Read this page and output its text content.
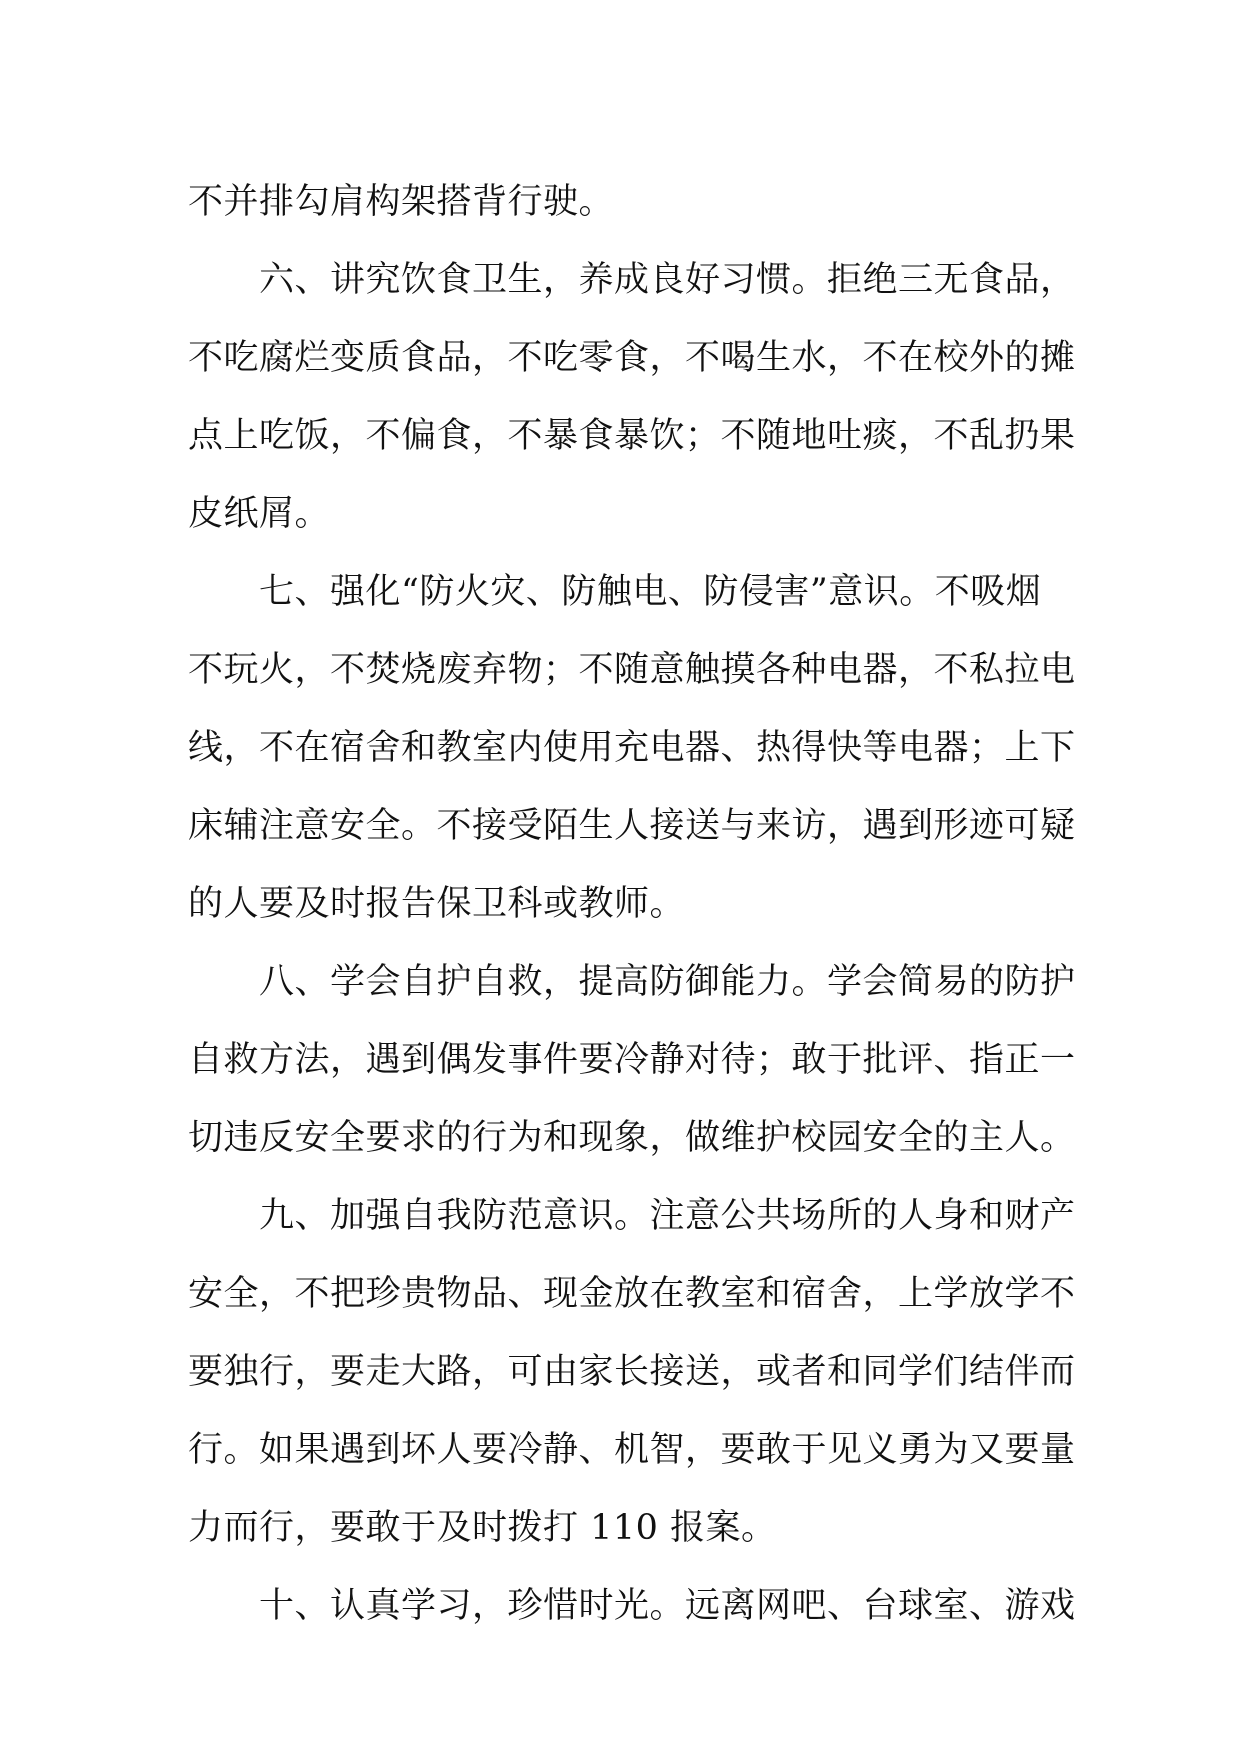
不并排勾肩构架搭背行驶。
　　六、讲究饮食卫生，养成良好习惯。拒绝三无食品，
不吃腐烂变质食品，不吃零食，不喝生水，不在校外的摊
点上吃饭，不偏食，不暴食暴饮；不随地吐痰，不乱扔果
皮纸屑。
　　七、强化“防火灾、防触电、防侵害”意识。不吸烟
不玩火，不焚烧废弃物；不随意触摸各种电器，不私拉电
线，不在宿舍和教室内使用充电器、热得快等电器；上下
床辅注意安全。不接受陌生人接送与来访，遇到形迹可疑
的人要及时报告保卫科或教师。
　　八、学会自护自救，提高防御能力。学会简易的防护
自救方法，遇到偶发事件要冷静对待；敢于批评、指正一
切违反安全要求的行为和现象，做维护校园安全的主人。
　　九、加强自我防范意识。注意公共场所的人身和财产
安全，不把珍贵物品、现金放在教室和宿舍，上学放学不
要独行，要走大路，可由家长接送，或者和同学们结伴而
行。如果遇到坏人要冷静、机智，要敢于见义勇为又要量
力而行，要敢于及时拨打 110 报案。
　　十、认真学习，珍惜时光。远离网吧、台球室、游戏
